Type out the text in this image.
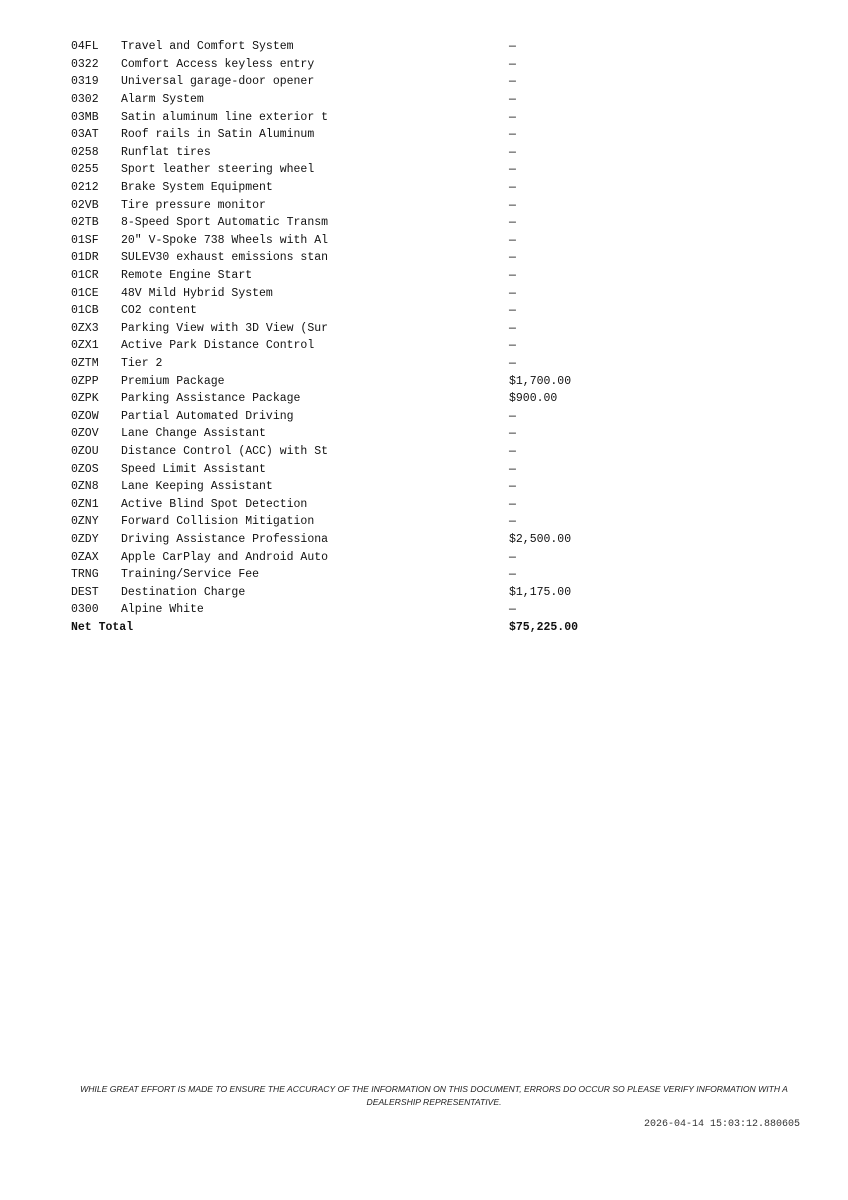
04FL	Travel and Comfort System	—
0322	Comfort Access keyless entry	—
0319	Universal garage-door opener	—
0302	Alarm System	—
03MB	Satin aluminum line exterior t	—
03AT	Roof rails in Satin Aluminum	—
0258	Runflat tires	—
0255	Sport leather steering wheel	—
0212	Brake System Equipment	—
02VB	Tire pressure monitor	—
02TB	8-Speed Sport Automatic Transm	—
01SF	20" V-Spoke 738 Wheels with Al	—
01DR	SULEV30 exhaust emissions stan	—
01CR	Remote Engine Start	—
01CE	48V Mild Hybrid System	—
01CB	CO2 content	—
0ZX3	Parking View with 3D View (Sur	—
0ZX1	Active Park Distance Control	—
0ZTM	Tier 2	—
0ZPP	Premium Package	$1,700.00
0ZPK	Parking Assistance Package	$900.00
0ZOW	Partial Automated Driving	—
0ZOV	Lane Change Assistant	—
0ZOU	Distance Control (ACC) with St	—
0ZOS	Speed Limit Assistant	—
0ZN8	Lane Keeping Assistant	—
0ZN1	Active Blind Spot Detection	—
0ZNY	Forward Collision Mitigation	—
0ZDY	Driving Assistance Professiona	$2,500.00
0ZAX	Apple CarPlay and Android Auto	—
TRNG	Training/Service Fee	—
DEST	Destination Charge	$1,175.00
0300	Alpine White	—
Net Total		$75,225.00
WHILE GREAT EFFORT IS MADE TO ENSURE THE ACCURACY OF THE INFORMATION ON THIS DOCUMENT, ERRORS DO OCCUR SO PLEASE VERIFY INFORMATION WITH A DEALERSHIP REPRESENTATIVE.
2026-04-14 15:03:12.880605
